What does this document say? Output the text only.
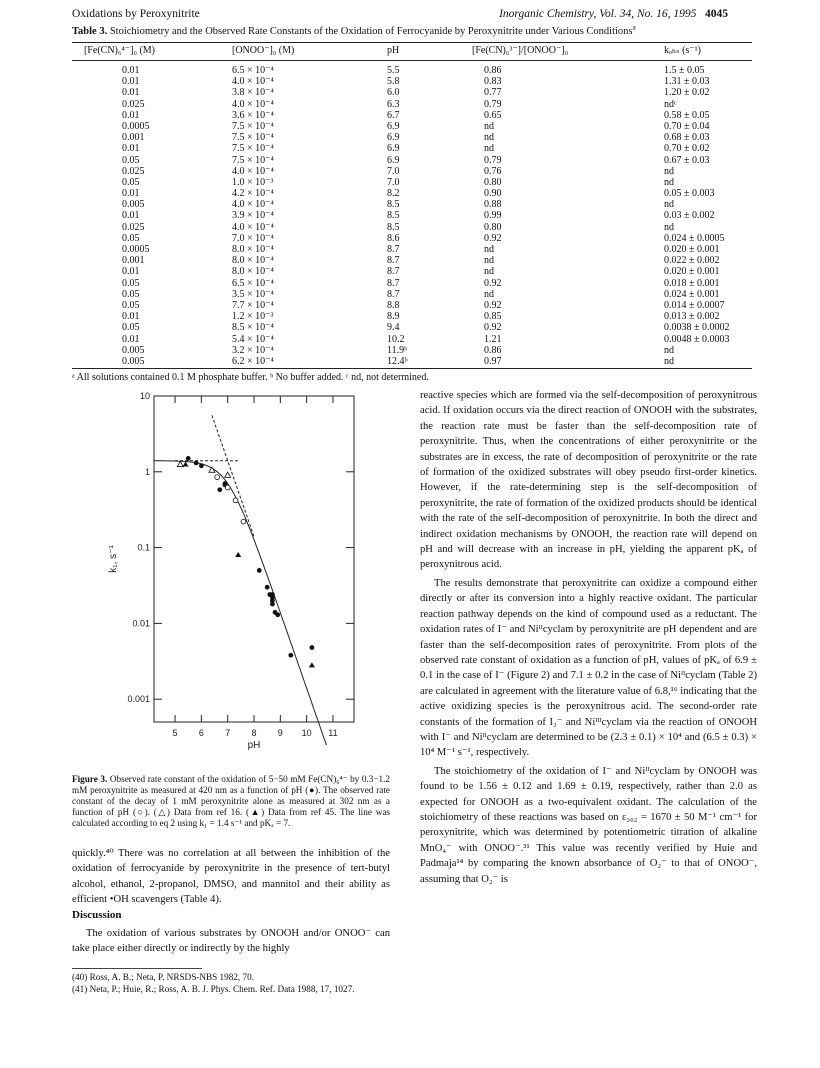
Oxidations by Peroxynitrite	Inorganic Chemistry, Vol. 34, No. 16, 1995 4045
Table 3. Stoichiometry and the Observed Rate Constants of the Oxidation of Ferrocyanide by Peroxynitrite under Various Conditions$^a$
[Fe(CN)₆⁴⁻]₀ (M)	[ONOO⁻]₀ (M)	pH	[Fe(CN)₆³⁻]/[ONOO⁻]₀	kₒₕₛ (s⁻¹)
0.01	6.5 × 10⁻⁴	5.5	0.86	1.5 ± 0.05
0.01	4.0 × 10⁻⁴	5.8	0.83	1.31 ± 0.03
0.01	3.8 × 10⁻⁴	6.0	0.77	1.20 ± 0.02
0.025	4.0 × 10⁻⁴	6.3	0.79	ndᶜ
0.01	3.6 × 10⁻⁴	6.7	0.65	0.58 ± 0.05
0.0005	7.5 × 10⁻⁴	6.9	nd	0.70 ± 0.04
0.001	7.5 × 10⁻⁴	6.9	nd	0.68 ± 0.03
0.01	7.5 × 10⁻⁴	6.9	nd	0.70 ± 0.02
0.05	7.5 × 10⁻⁴	6.9	0.79	0.67 ± 0.03
0.025	4.0 × 10⁻⁴	7.0	0.76	nd
0.05	1.0 × 10⁻³	7.0	0.80	nd
0.01	4.2 × 10⁻⁴	8.2	0.90	0.05 ± 0.003
0.005	4.0 × 10⁻⁴	8.5	0.88	nd
0.01	3.9 × 10⁻⁴	8.5	0.99	0.03 ± 0.002
0.025	4.0 × 10⁻⁴	8.5	0.80	nd
0.05	7.0 × 10⁻⁴	8.6	0.92	0.024 ± 0.0005
0.0005	8.0 × 10⁻⁴	8.7	nd	0.020 ± 0.001
0.001	8.0 × 10⁻⁴	8.7	nd	0.022 ± 0.002
0.01	8.0 × 10⁻⁴	8.7	nd	0.020 ± 0.001
0.05	6.5 × 10⁻⁴	8.7	0.92	0.018 ± 0.001
0.05	3.5 × 10⁻⁴	8.7	nd	0.024 ± 0.001
0.05	7.7 × 10⁻⁴	8.8	0.92	0.014 ± 0.0007
0.01	1.2 × 10⁻³	8.9	0.85	0.013 ± 0.002
0.05	8.5 × 10⁻⁴	9.4	0.92	0.0038 ± 0.0002
0.01	5.4 × 10⁻⁴	10.2	1.21	0.0048 ± 0.0003
0.005	3.2 × 10⁻⁴	11.9ᵇ	0.86	nd
0.005	6.2 × 10⁻⁴	12.4ᵇ	0.97	nd
ᵃ All solutions contained 0.1 M phosphate buffer. ᵇ No buffer added. ᶜ nd, not determined.
5 6 7 8 9 10 11
10
1
0.1
0.01
0.001
pH
k₁, s⁻¹
Figure 3. Observed rate constant of the oxidation of 5−50 mM Fe(CN)₆⁴⁻ by 0.3−1.2 mM peroxynitrite as measured at 420 nm as a function of pH (●). The observed rate constant of the decay of 1 mM peroxynitrite alone as measured at 302 nm as a function of pH (○). (△) Data from ref 16. (▲) Data from ref 45. The line was calculated according to eq 2 using k₁ = 1.4 s⁻¹ and pKₐ = 7.
quickly.⁴⁰ There was no correlation at all between the inhibition of the oxidation of ferrocyanide by peroxynitrite in the presence of tert-butyl alcohol, ethanol, 2-propanol, DMSO, and mannitol and their ability as efficient •OH scavengers (Table 4).
Discussion
The oxidation of various substrates by ONOOH and/or ONOO⁻ can take place either directly or indirectly by the highly
(40) Ross, A. B.; Neta, P. NRSDS-NBS 1982, 70.
(41) Neta, P.; Huie, R.; Ross, A. B. J. Phys. Chem. Ref. Data 1988, 17, 1027.

reactive species which are formed via the self-decomposition of peroxynitrous acid. If oxidation occurs via the direct reaction of ONOOH with the substrates, the reaction rate must be faster than the self-decomposition rate of peroxynitrite. Thus, when the concentrations of either peroxynitrite or the substrates are in excess, the rate of decomposition of peroxynitrite or the rate of formation of the oxidized substrates will obey pseudo first-order kinetics. However, if the rate-determining step is the self-decomposition of peroxynitrite, the rate of formation of the oxidized products should be identical with the rate of the self-decomposition of peroxynitrite. In both the direct and indirect oxidation mechanisms by ONOOH, the reaction rate will depend on pH and will decrease with an increase in pH, yielding the apparent pKₐ of peroxynitrous acid.

The results demonstrate that peroxynitrite can oxidize a compound either directly or after its conversion into a highly reactive oxidant. The particular reaction pathway depends on the kind of compound used as a reductant. The oxidation rates of I⁻ and Niᴵᴵcyclam by peroxynitrite are pH dependent and are faster than the self-decomposition rates of peroxynitrite. From plots of the observed rate constant of oxidation as a function of pH, values of pKₐ of 6.9 ± 0.1 in the case of I⁻ (Figure 2) and 7.1 ± 0.2 in the case of Niᴵᴵcyclam (Table 2) are calculated in agreement with the literature value of 6.8,¹⁶ indicating that the active oxidizing species is the peroxynitrous acid. The second-order rate constants of the formation of I₃⁻ and Niᴵᴵᴵcyclam via the reaction of ONOOH with I⁻ and Niᴵᴵcyclam are determined to be (2.3 ± 0.1) × 10⁴ and (6.5 ± 0.3) × 10⁴ M⁻¹ s⁻¹, respectively.

The stoichiometry of the oxidation of I⁻ and Niᴵᴵcyclam by ONOOH was found to be 1.56 ± 0.12 and 1.69 ± 0.19, respectively, rather than 2.0 as expected for ONOOH as a two-equivalent oxidant. The calculation of the stoichiometry of these reactions was based on ε₃₀₂ = 1670 ± 50 M⁻¹ cm⁻¹ for peroxynitrite, which was determined by potentiometric titration of alkaline MnO₄⁻ with ONOO⁻.³¹ This value was recently verified by Huie and Padmaja¹⁴ by comparing the known absorbance of O₂⁻ to that of ONOO⁻, assuming that O₂⁻ is
